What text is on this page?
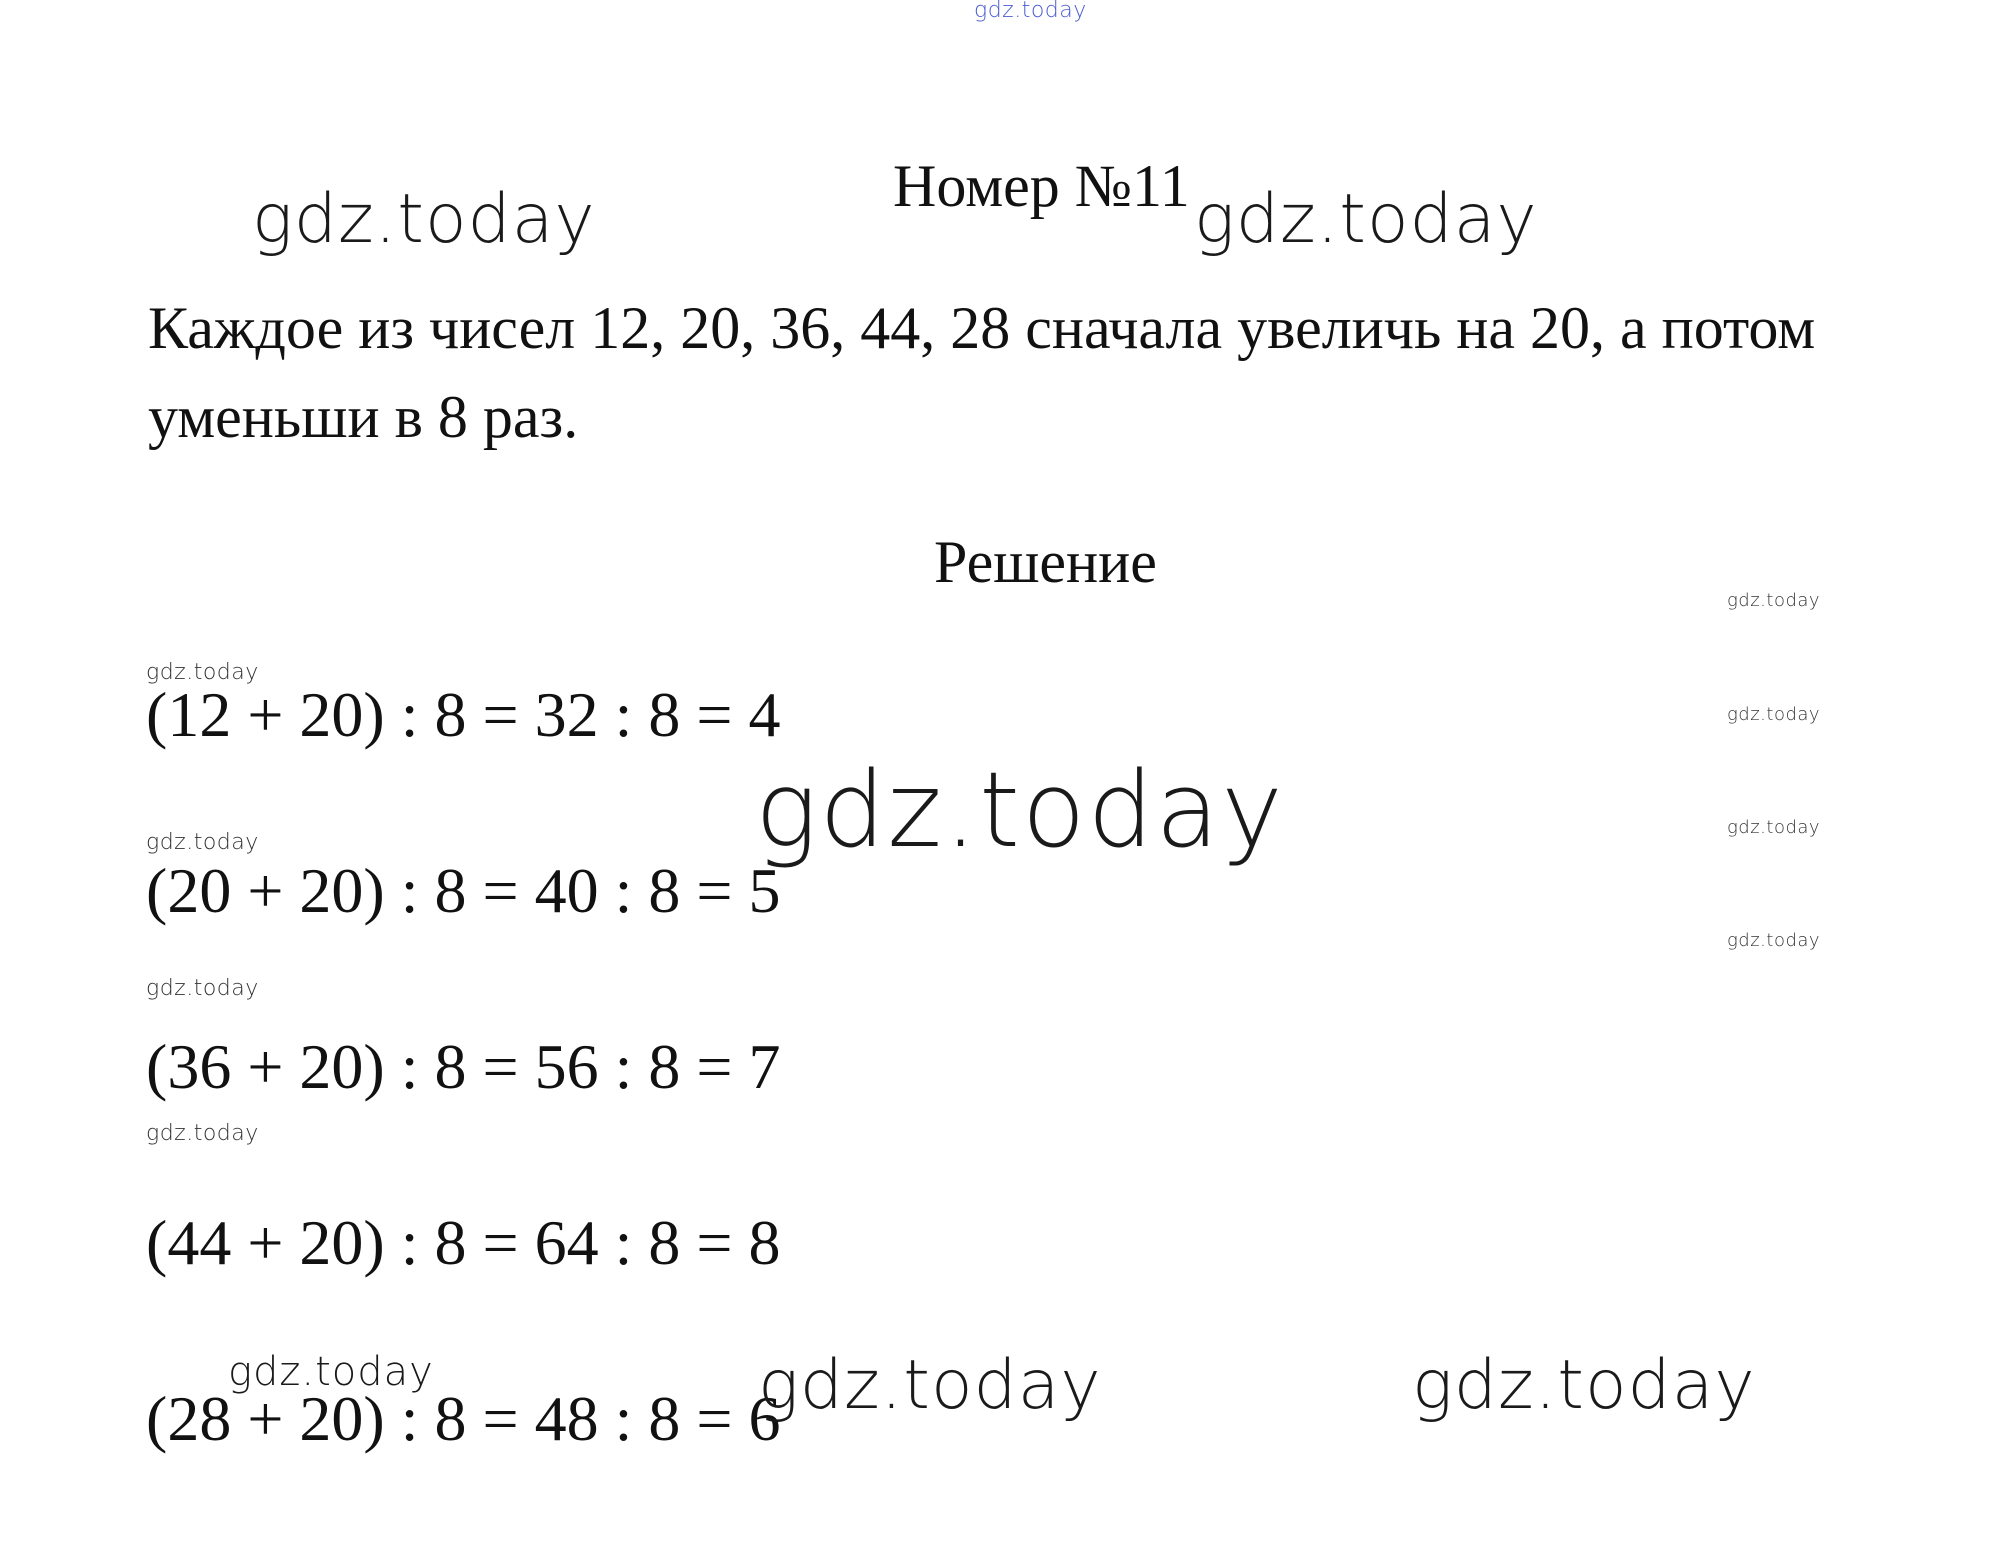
gdz.today
Номер №11
gdz.today	gdz.today

Каждое из чисел 12, 20, 36, 44, 28 сначала увеличь на 20, а потом

уменьши в 8 раз.

Решение
gdz.today
gdz.today
gdz.today
gdz.today
gdz.today

(12 + 20) : 8 = 32 : 8 = 4

gdz.today
gdz.today

(20 + 20) : 8 = 40 : 8 = 5

gdz.today

(36 + 20) : 8 = 56 : 8 = 7

gdz.today

(44 + 20) : 8 = 64 : 8 = 8

gdz.today

(28 + 20) : 8 = 48 : 8 = 6

gdz.today	gdz.today
